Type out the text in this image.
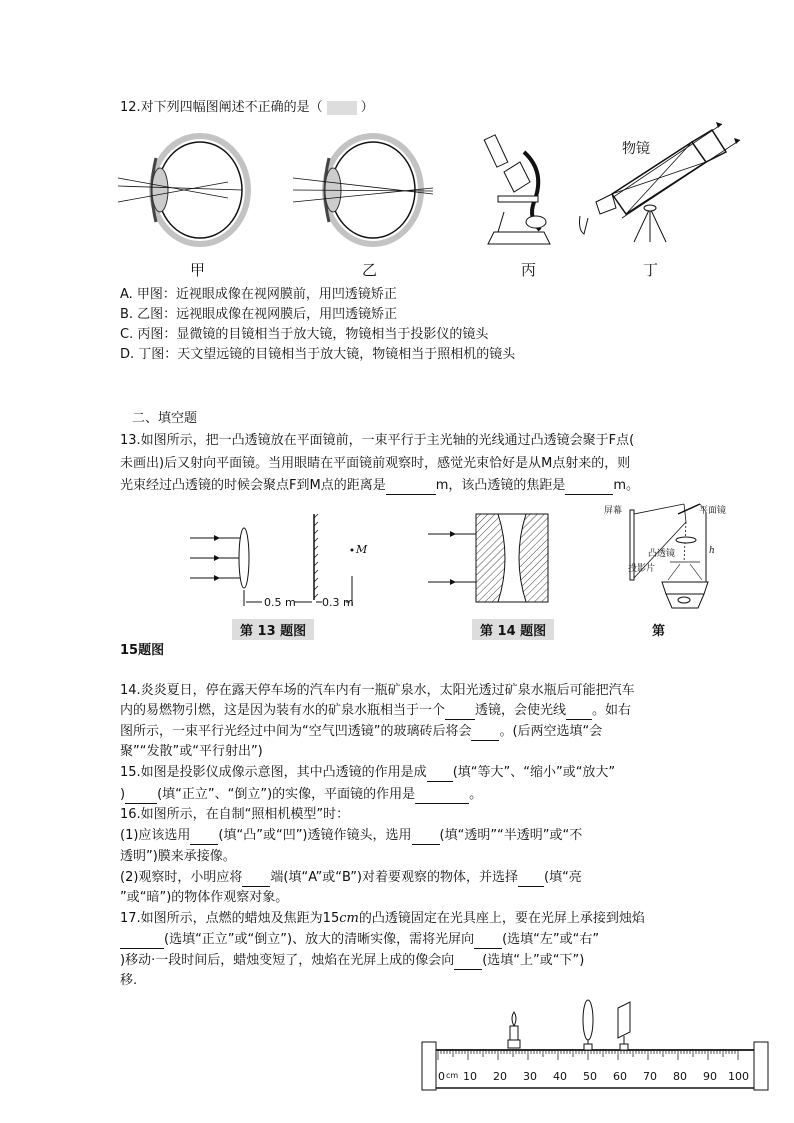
12.对下列四幅图阐述不正确的是（	）
物镜
甲	乙	丙	丁
A. 甲图：近视眼成像在视网膜前，用凹透镜矫正
B. 乙图：远视眼成像在视网膜后，用凹透镜矫正
C. 丙图：显微镜的目镜相当于放大镜，物镜相当于投影仪的镜头
D. 丁图：天文望远镜的目镜相当于放大镜，物镜相当于照相机的镜头
二、填空题
13.如图所示，把一凸透镜放在平面镜前，一束平行于主光轴的光线通过凸透镜会聚于F点(
未画出)后又射向平面镜。当用眼睛在平面镜前观察时，感觉光束恰好是从M点射来的，则
光束经过凸透镜的时候会聚点F到M点的距离是	m，该凸透镜的焦距是	m。
M
0.5 m 0.3 m
第 13 题图	第 14 题图
屏幕	平面镜
凸透镜
投影片
h
第
15题图
14.炎炎夏日，停在露天停车场的汽车内有一瓶矿泉水，太阳光透过矿泉水瓶后可能把汽车
内的易燃物引燃，这是因为装有水的矿泉水瓶相当于一个 透镜，会使光线 。如右
图所示，一束平行光经过中间为“空气凹透镜”的玻璃砖后将会 。(后两空选填“会
聚”“发散”或“平行射出”)
15.如图是投影仪成像示意图，其中凸透镜的作用是成 (填“等大”、“缩小”或“放大”
) (填“正立”、“倒立”)的实像，平面镜的作用是	。
16.如图所示，在自制“照相机模型”时：
(1)应该选用 (填“凸”或“凹”)透镜作镜头，选用 (填“透明”“半透明”或“不
透明”)膜来承接像。
(2)观察时，小明应将 端(填“A”或“B”)对着要观察的物体，并选择 (填“亮
”或“暗”)的物体作观察对象。
17.如图所示，点燃的蜡烛及焦距为15cm的凸透镜固定在光具座上，要在光屏上承接到烛焰
(选填“正立”或“倒立”)、放大的清晰实像，需将光屏向 (选填“左”或“右”
)移动·一段时间后，蜡烛变短了，烛焰在光屏上成的像会向 (选填“上”或“下”)
移.
0 cm 10 20 30 40 50 60 70 80 90 100
